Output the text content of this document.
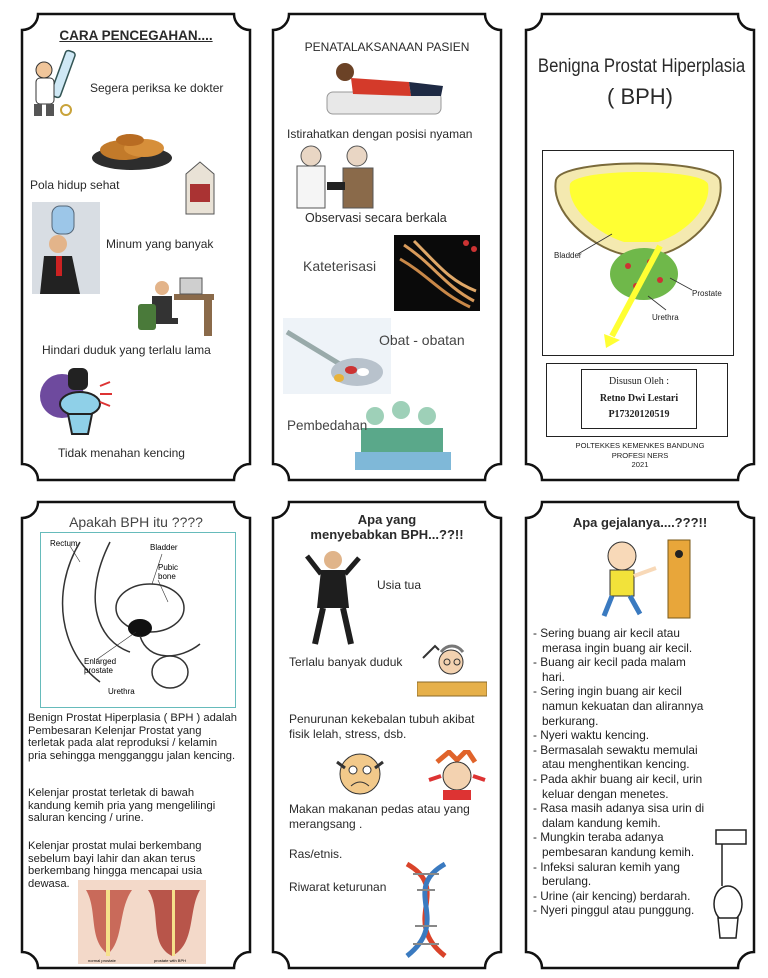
CARA PENCEGAHAN....
Segera periksa ke dokter
Pola hidup sehat
Minum yang banyak
Hindari duduk yang terlalu lama
Tidak menahan kencing
PENATALAKSANAAN PASIEN
Istirahatkan dengan posisi nyaman
Observasi secara berkala
Kateterisasi
Obat - obatan
Pembedahan
Benigna Prostat Hiperplasia
( BPH)
Bladder
Prostate
Urethra
Disusun Oleh :
Retno Dwi Lestari
P17320120519
POLTEKKES KEMENKES BANDUNG
PROFESI NERS
2021
Apakah BPH itu ????
Rectum	Bladder
Pubic
bone
Enlarged
prostate
Urethra
Benign Prostat Hiperplasia ( BPH ) adalah Pembesaran Kelenjar Prostat yang terletak pada alat reproduksi / kelamin pria sehingga mengganggu jalan kencing.
Kelenjar prostat terletak di bawah kandung kemih pria yang mengelilingi saluran kencing / urine.
Kelenjar prostat mulai berkembang sebelum bayi lahir dan akan terus berkembang hingga mencapai usia dewasa.
normal prostate	prostate with BPH
Apa yang
menyebabkan BPH...??!!
Usia tua
Terlalu banyak duduk
Penurunan kekebalan tubuh akibat fisik lelah, stress, dsb.
Makan makanan pedas atau yang merangsang .
Ras/etnis.
Riwarat keturunan
Apa gejalanya....???!!
- Sering buang air kecil atau merasa ingin buang air kecil.
- Buang air kecil pada malam hari.
- Sering ingin buang air kecil namun kekuatan dan alirannya berkurang.
- Nyeri waktu kencing.
- Bermasalah sewaktu memulai atau menghentikan kencing.
- Pada akhir buang air kecil, urin keluar dengan menetes.
- Rasa masih adanya sisa urin di dalam kandung kemih.
- Mungkin teraba adanya pembesaran kandung kemih.
- Infeksi saluran kemih yang berulang.
- Urine (air kencing) berdarah.
- Nyeri pinggul atau punggung.
